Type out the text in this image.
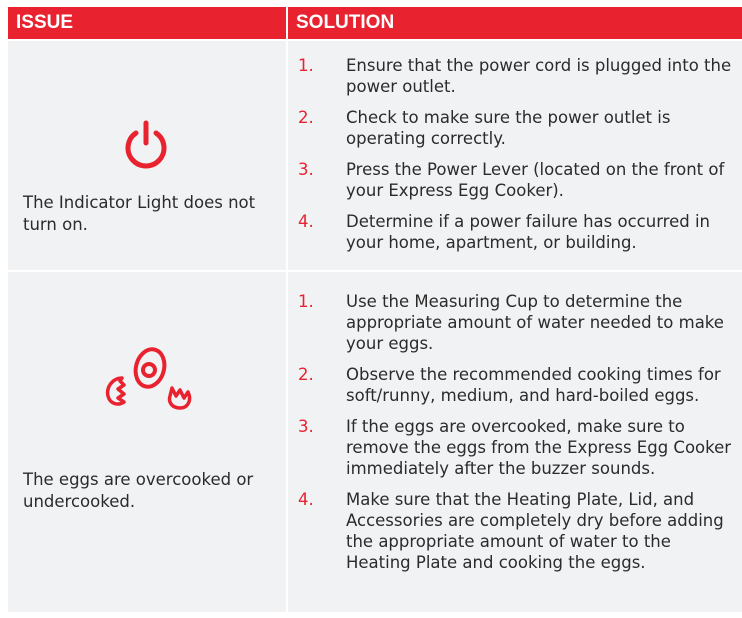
ISSUE	SOLUTION
The Indicator Light does not turn on.
1.	Ensure that the power cord is plugged into the power outlet.
2.	Check to make sure the power outlet is operating correctly.
3.	Press the Power Lever (located on the front of your Express Egg Cooker).
4.	Determine if a power failure has occurred in your home, apartment, or building.
The eggs are overcooked or undercooked.
1.	Use the Measuring Cup to determine the appropriate amount of water needed to make your eggs.
2.	Observe the recommended cooking times for soft/runny, medium, and hard-boiled eggs.
3.	If the eggs are overcooked, make sure to remove the eggs from the Express Egg Cooker immediately after the buzzer sounds.
4.	Make sure that the Heating Plate, Lid, and Accessories are completely dry before adding the appropriate amount of water to the Heating Plate and cooking the eggs.
